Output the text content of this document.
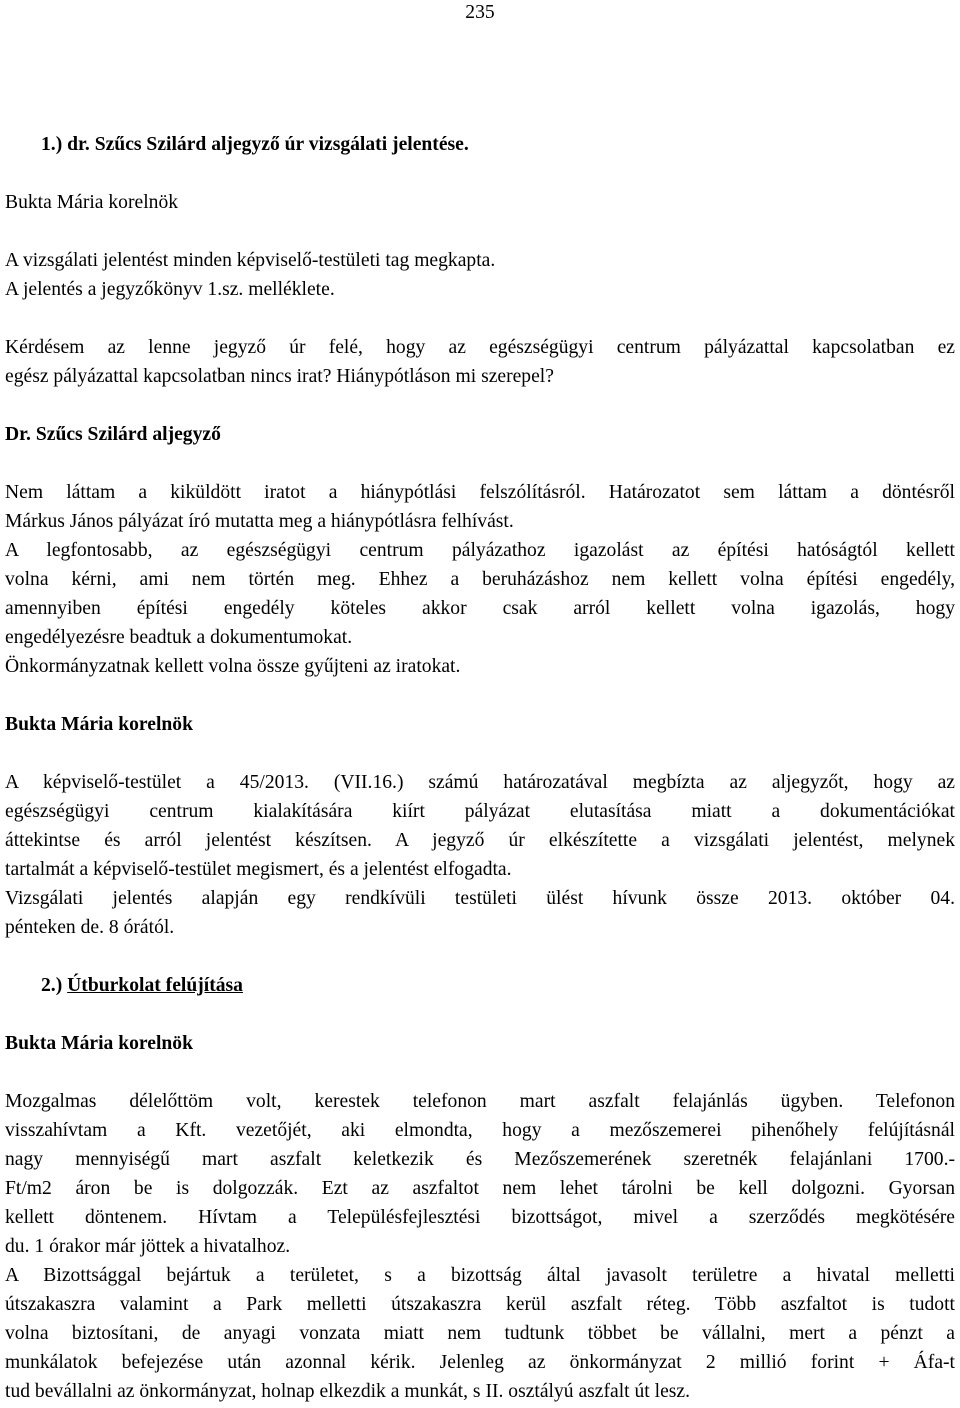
235
1.) dr. Szűcs Szilárd aljegyző úr vizsgálati jelentése.
Bukta Mária korelnök
A vizsgálati jelentést minden képviselő-testületi tag megkapta.
A jelentés a jegyzőkönyv 1.sz. melléklete.
Kérdésem az lenne jegyző úr felé, hogy az egészségügyi centrum pályázattal kapcsolatban ez
egész pályázattal kapcsolatban nincs irat? Hiánypótláson mi szerepel?
Dr. Szűcs Szilárd aljegyző
Nem láttam a kiküldött iratot a hiánypótlási felszólításról. Határozatot sem láttam a döntésről
Márkus János pályázat író mutatta meg a hiánypótlásra felhívást.
A legfontosabb, az egészségügyi centrum pályázathoz igazolást az építési hatóságtól kellett
volna kérni, ami nem történ meg. Ehhez a beruházáshoz nem kellett volna építési engedély,
amennyiben építési engedély köteles akkor csak arról kellett volna igazolás, hogy
engedélyezésre beadtuk a dokumentumokat.
Önkormányzatnak kellett volna össze gyűjteni az iratokat.
Bukta Mária korelnök
A képviselő-testület a 45/2013. (VII.16.) számú határozatával megbízta az aljegyzőt, hogy az
egészségügyi centrum kialakítására kiírt pályázat elutasítása miatt a dokumentációkat
áttekintse és arról jelentést készítsen. A jegyző úr elkészítette a vizsgálati jelentést, melynek
tartalmát a képviselő-testület megismert, és a jelentést elfogadta.
Vizsgálati jelentés alapján egy rendkívüli testületi ülést hívunk össze 2013. október 04.
pénteken de. 8 órától.
2.) Útburkolat felújítása
Bukta Mária korelnök
Mozgalmas délelőttöm volt, kerestek telefonon mart aszfalt felajánlás ügyben. Telefonon
visszahívtam a Kft. vezetőjét, aki elmondta, hogy a mezőszemerei pihenőhely felújításnál
nagy mennyiségű mart aszfalt keletkezik és Mezőszemerének szeretnék felajánlani 1700.-
Ft/m2 áron be is dolgozzák. Ezt az aszfaltot nem lehet tárolni be kell dolgozni. Gyorsan
kellett döntenem. Hívtam a Településfejlesztési bizottságot, mivel a szerződés megkötésére
du. 1 órakor már jöttek a hivatalhoz.
A Bizottsággal bejártuk a területet, s a bizottság által javasolt területre a hivatal melletti
útszakaszra valamint a Park melletti útszakaszra kerül aszfalt réteg. Több aszfaltot is tudott
volna biztosítani, de anyagi vonzata miatt nem tudtunk többet be vállalni, mert a pénzt a
munkálatok befejezése után azonnal kérik. Jelenleg az önkormányzat 2 millió forint + Áfa-t
tud bevállalni az önkormányzat, holnap elkezdik a munkát, s II. osztályú aszfalt út lesz.
